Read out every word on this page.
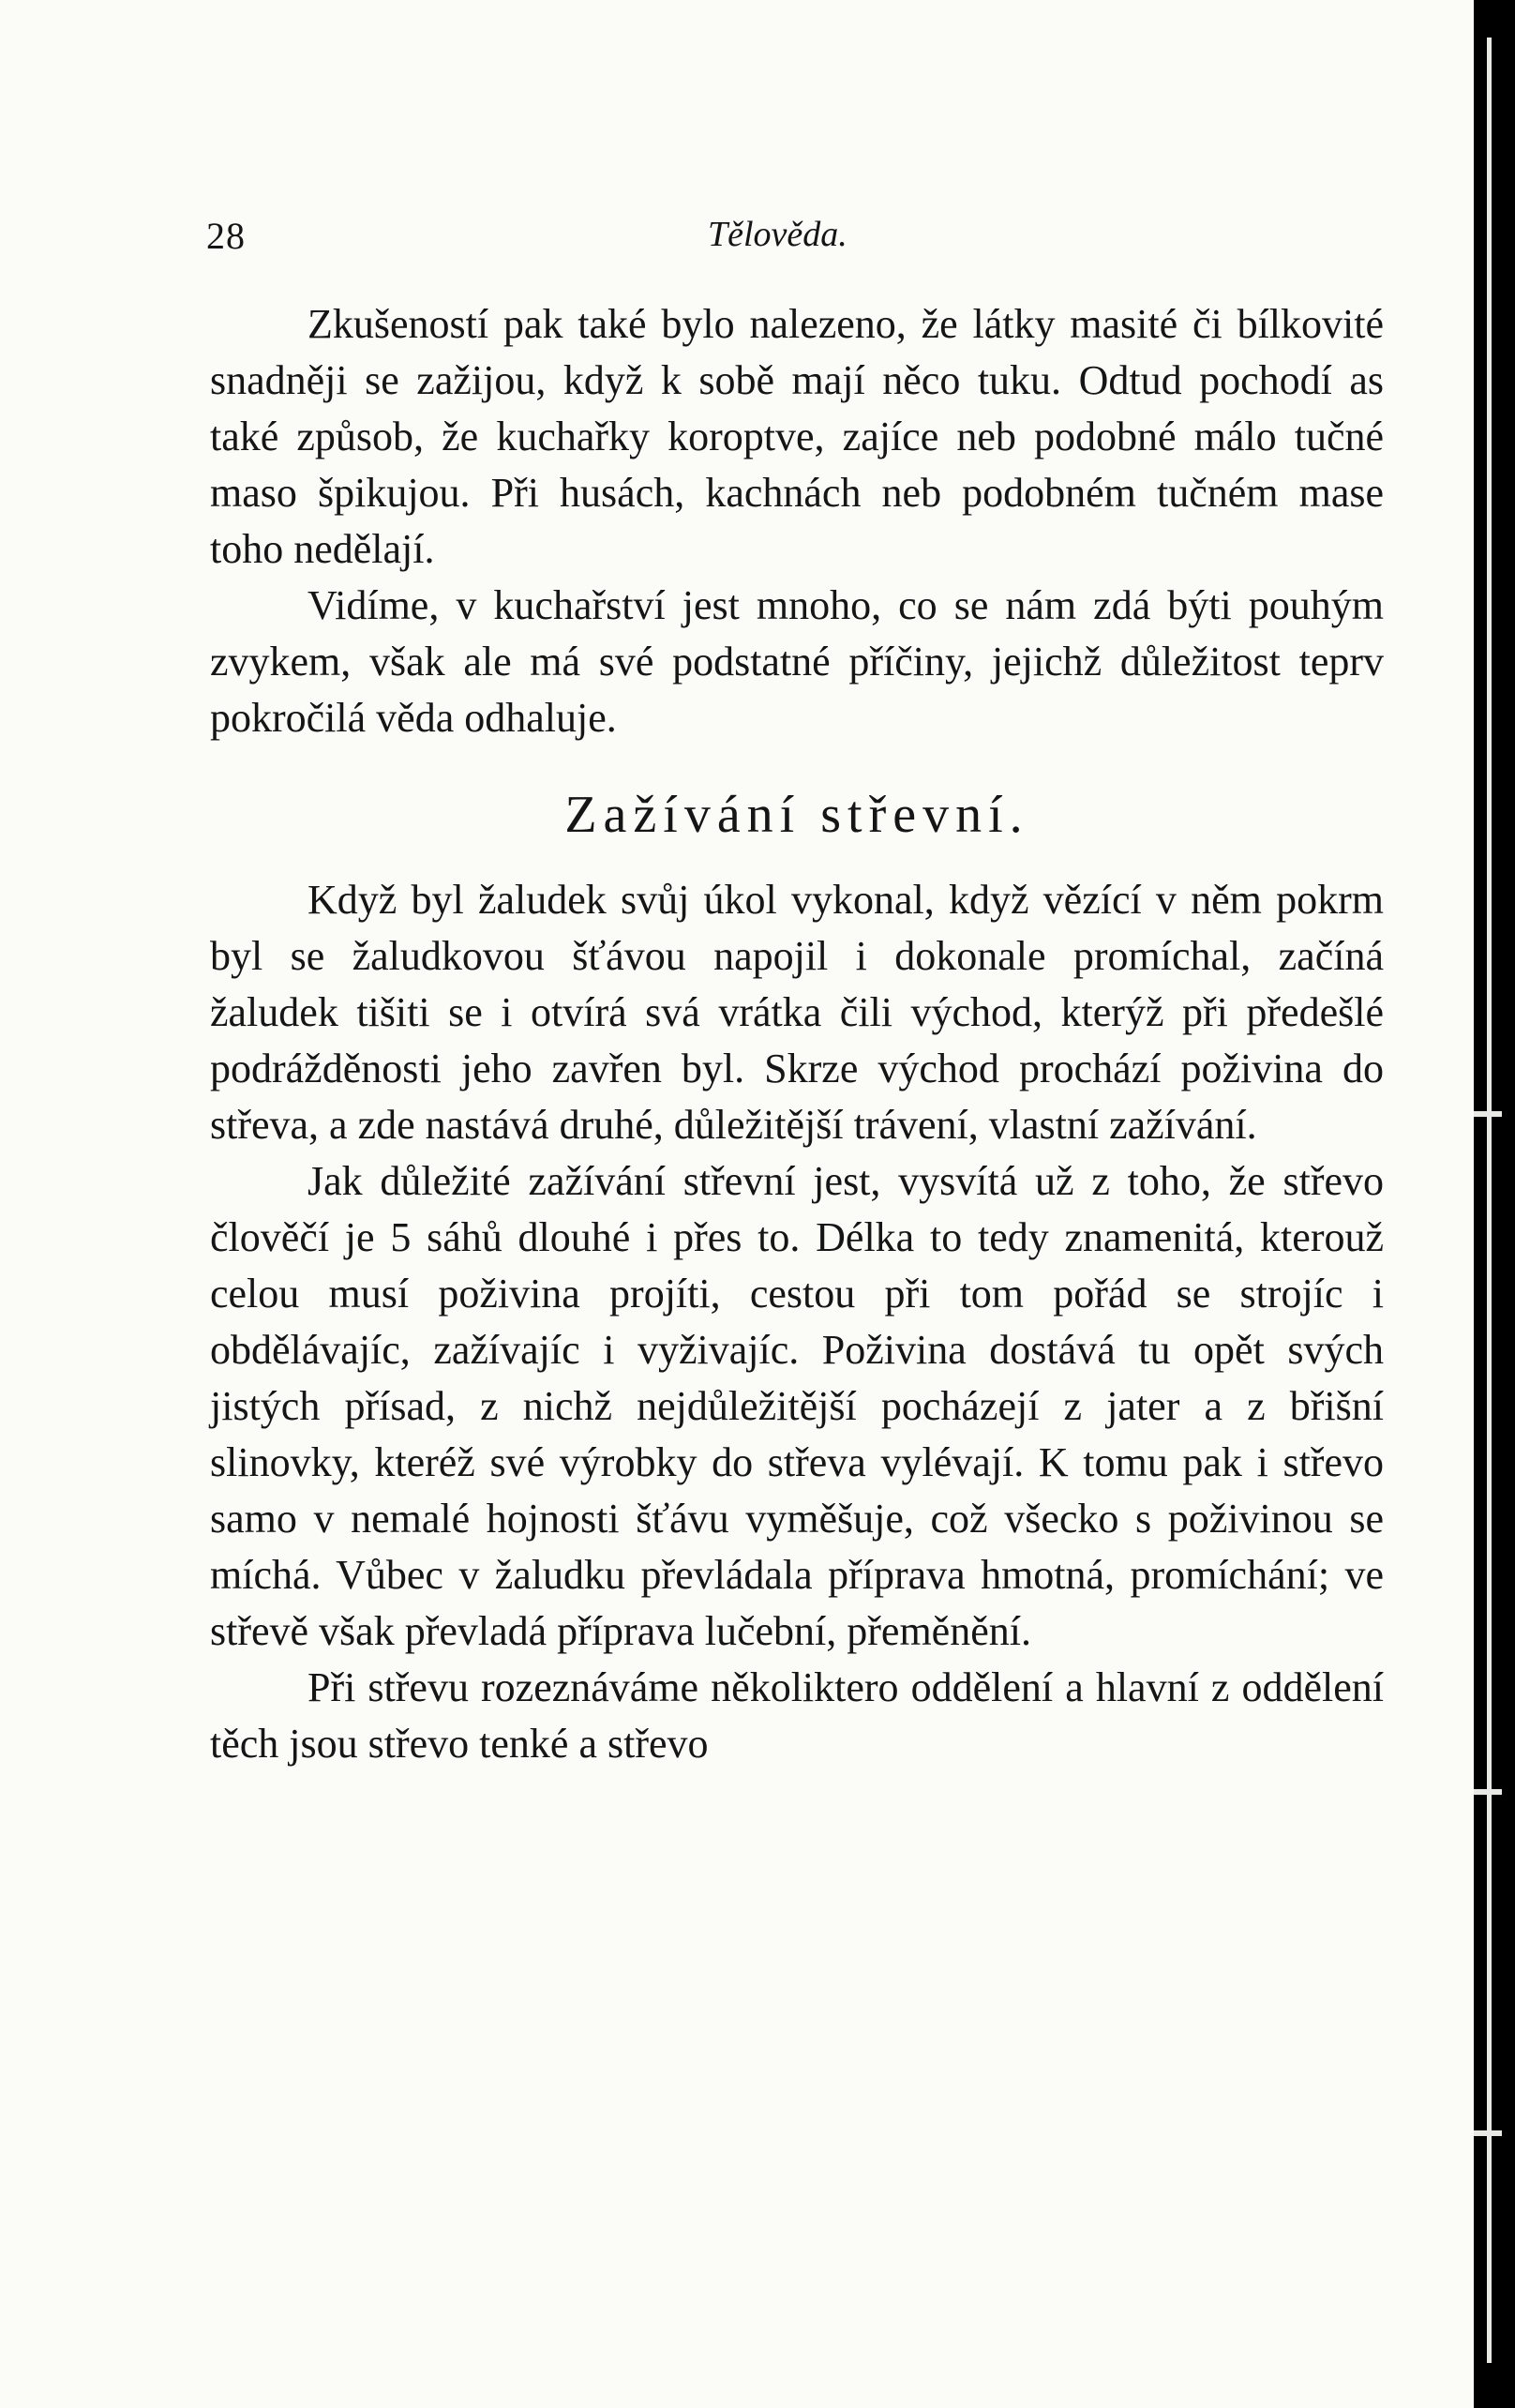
28	Tělověda.

Zkušeností pak také bylo nalezeno, že látky masité či bílkovité snadněji se zažijou, když k sobě mají něco tuku. Odtud pochodí as také způsob, že kuchařky koroptve, zajíce neb podobné málo tučné maso špikujou. Při husách, kachnách neb podobném tučném mase toho nedělají.

Vidíme, v kuchařství jest mnoho, co se nám zdá býti pouhým zvykem, však ale má své podstatné příčiny, jejichž důležitost teprv pokročilá věda odhaluje.

Zažívání střevní.

Když byl žaludek svůj úkol vykonal, když vězící v něm pokrm byl se žaludkovou šťávou napojil i dokonale promíchal, začíná žaludek tišiti se i otvírá svá vrátka čili východ, kterýž při předešlé podrážděnosti jeho zavřen byl. Skrze východ prochází poživina do střeva, a zde nastává druhé, důležitější trávení, vlastní zažívání.

Jak důležité zažívání střevní jest, vysvítá už z toho, že střevo člověčí je 5 sáhů dlouhé i přes to. Délka to tedy znamenitá, kterouž celou musí poživina projíti, cestou při tom pořád se strojíc i obdělávajíc, zažívajíc i vyživajíc. Poživina dostává tu opět svých jistých přísad, z nichž nejdůležitější pocházejí z jater a z břišní slinovky, kteréž své výrobky do střeva vylévají. K tomu pak i střevo samo v nemalé hojnosti šťávu vyměšuje, což všecko s poživinou se míchá. Vůbec v žaludku převládala příprava hmotná, promíchání; ve střevě však převladá příprava lučební, přeměnění.

Při střevu rozeznáváme několiktero oddělení a hlavní z oddělení těch jsou střevo tenké a střevo
